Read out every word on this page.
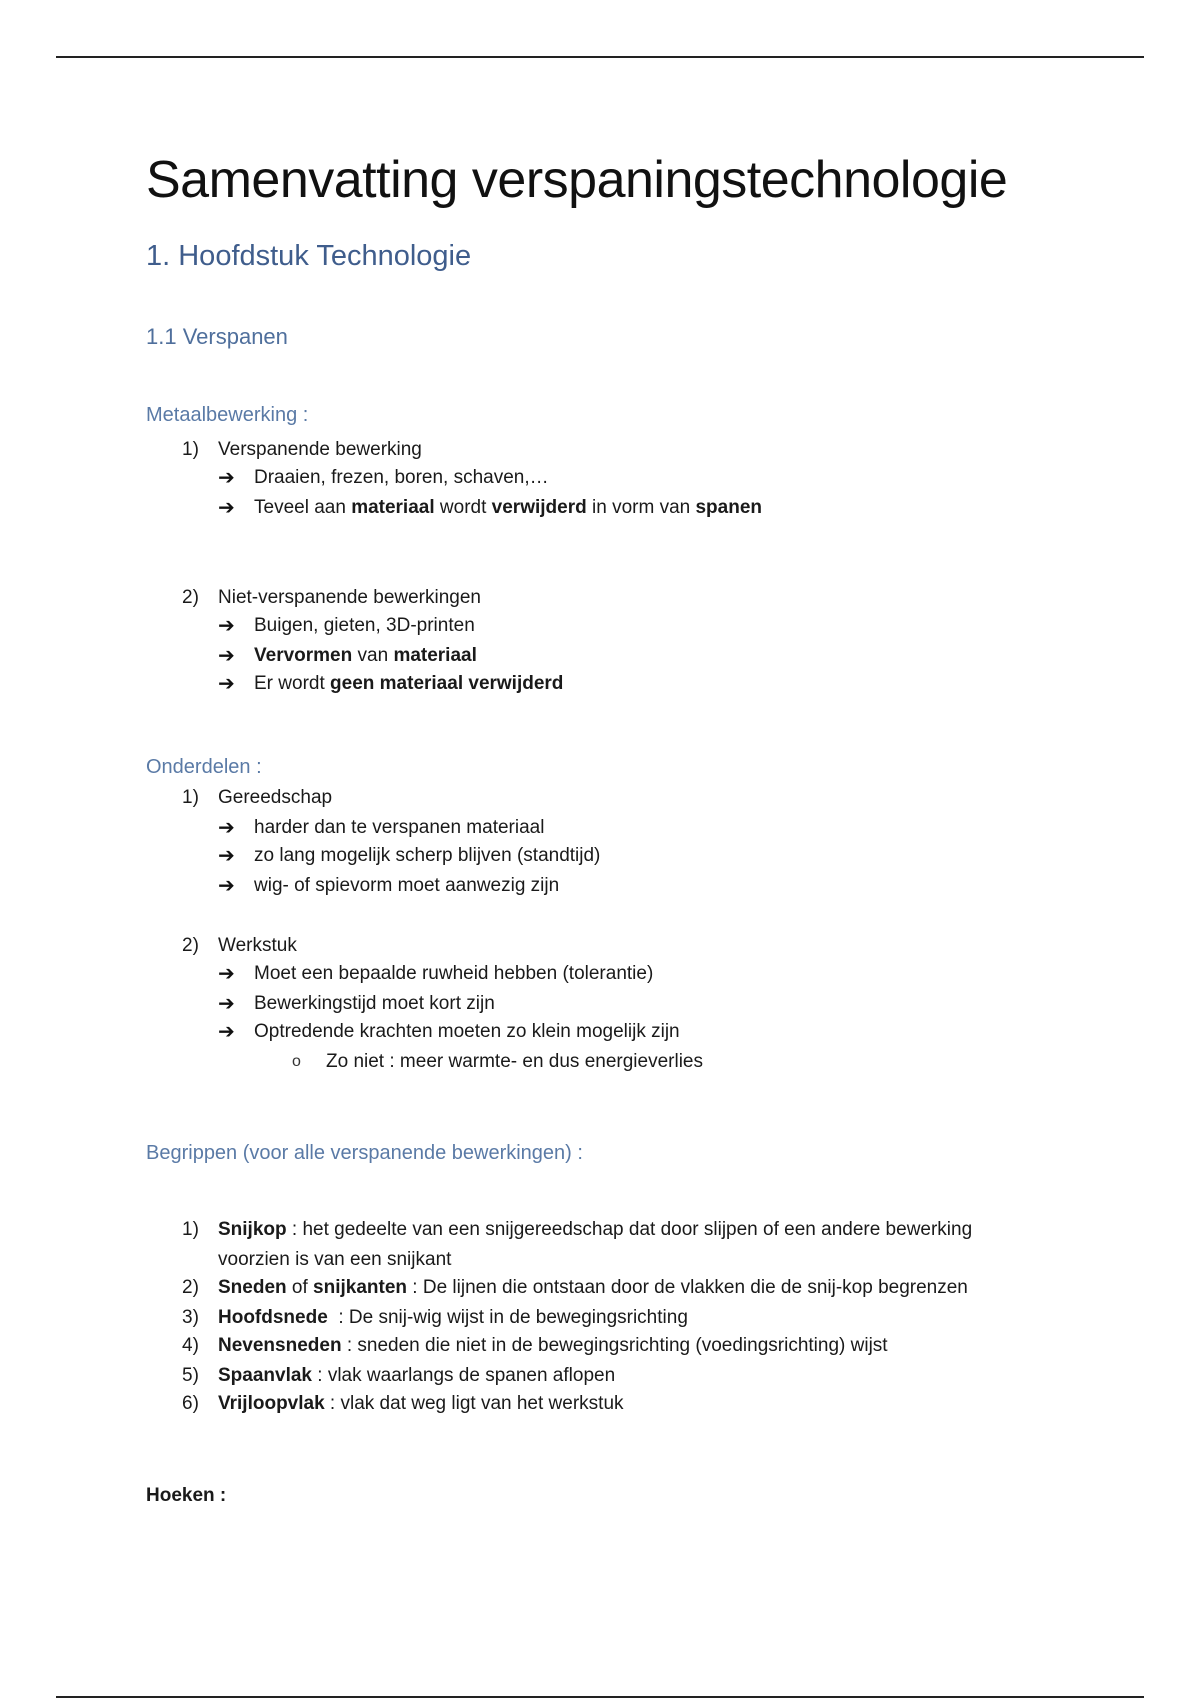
Samenvatting verspaningstechnologie
1. Hoofdstuk Technologie
1.1 Verspanen
Metaalbewerking :
1) Verspanende bewerking
➔ Draaien, frezen, boren, schaven,…
➔ Teveel aan materiaal wordt verwijderd in vorm van spanen
2) Niet-verspanende bewerkingen
➔ Buigen, gieten, 3D-printen
➔ Vervormen van materiaal
➔ Er wordt geen materiaal verwijderd
Onderdelen :
1) Gereedschap
➔ harder dan te verspanen materiaal
➔ zo lang mogelijk scherp blijven (standtijd)
➔ wig- of spievorm moet aanwezig zijn
2) Werkstuk
➔ Moet een bepaalde ruwheid hebben (tolerantie)
➔ Bewerkingstijd moet kort zijn
➔ Optredende krachten moeten zo klein mogelijk zijn
o Zo niet : meer warmte- en dus energieverlies
Begrippen (voor alle verspanende bewerkingen) :
1) Snijkop : het gedeelte van een snijgereedschap dat door slijpen of een andere bewerking
voorzien is van een snijkant
2) Sneden of snijkanten : De lijnen die ontstaan door de vlakken die de snij-kop begrenzen
3) Hoofdsnede  : De snij-wig wijst in de bewegingsrichting
4) Nevensneden : sneden die niet in de bewegingsrichting (voedingsrichting) wijst
5) Spaanvlak : vlak waarlangs de spanen aflopen
6) Vrijloopvlak : vlak dat weg ligt van het werkstuk
Hoeken :
